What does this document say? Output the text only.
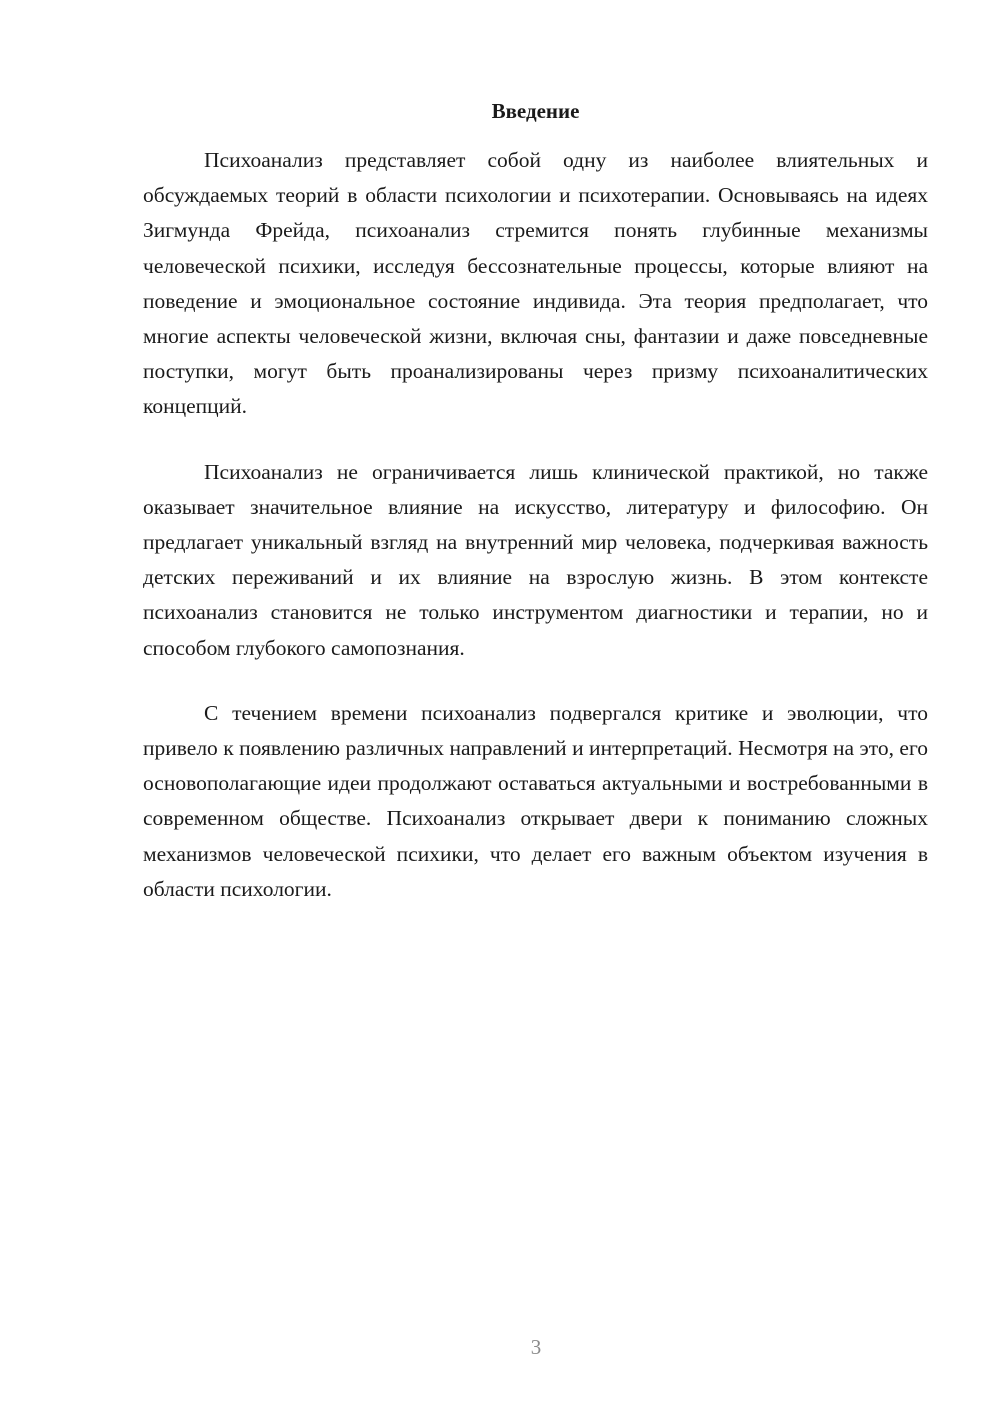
Введение

Психоанализ представляет собой одну из наиболее влиятельных и обсуждаемых теорий в области психологии и психотерапии. Основываясь на идеях Зигмунда Фрейда, психоанализ стремится понять глубинные механизмы человеческой психики, исследуя бессознательные процессы, которые влияют на поведение и эмоциональное состояние индивида. Эта теория предполагает, что многие аспекты человеческой жизни, включая сны, фантазии и даже повседневные поступки, могут быть проанализированы через призму психоаналитических концепций.

Психоанализ не ограничивается лишь клинической практикой, но также оказывает значительное влияние на искусство, литературу и философию. Он предлагает уникальный взгляд на внутренний мир человека, подчеркивая важность детских переживаний и их влияние на взрослую жизнь. В этом контексте психоанализ становится не только инструментом диагностики и терапии, но и способом глубокого самопознания.

С течением времени психоанализ подвергался критике и эволюции, что привело к появлению различных направлений и интерпретаций. Несмотря на это, его основополагающие идеи продолжают оставаться актуальными и востребованными в современном обществе. Психоанализ открывает двери к пониманию сложных механизмов человеческой психики, что делает его важным объектом изучения в области психологии.

3
